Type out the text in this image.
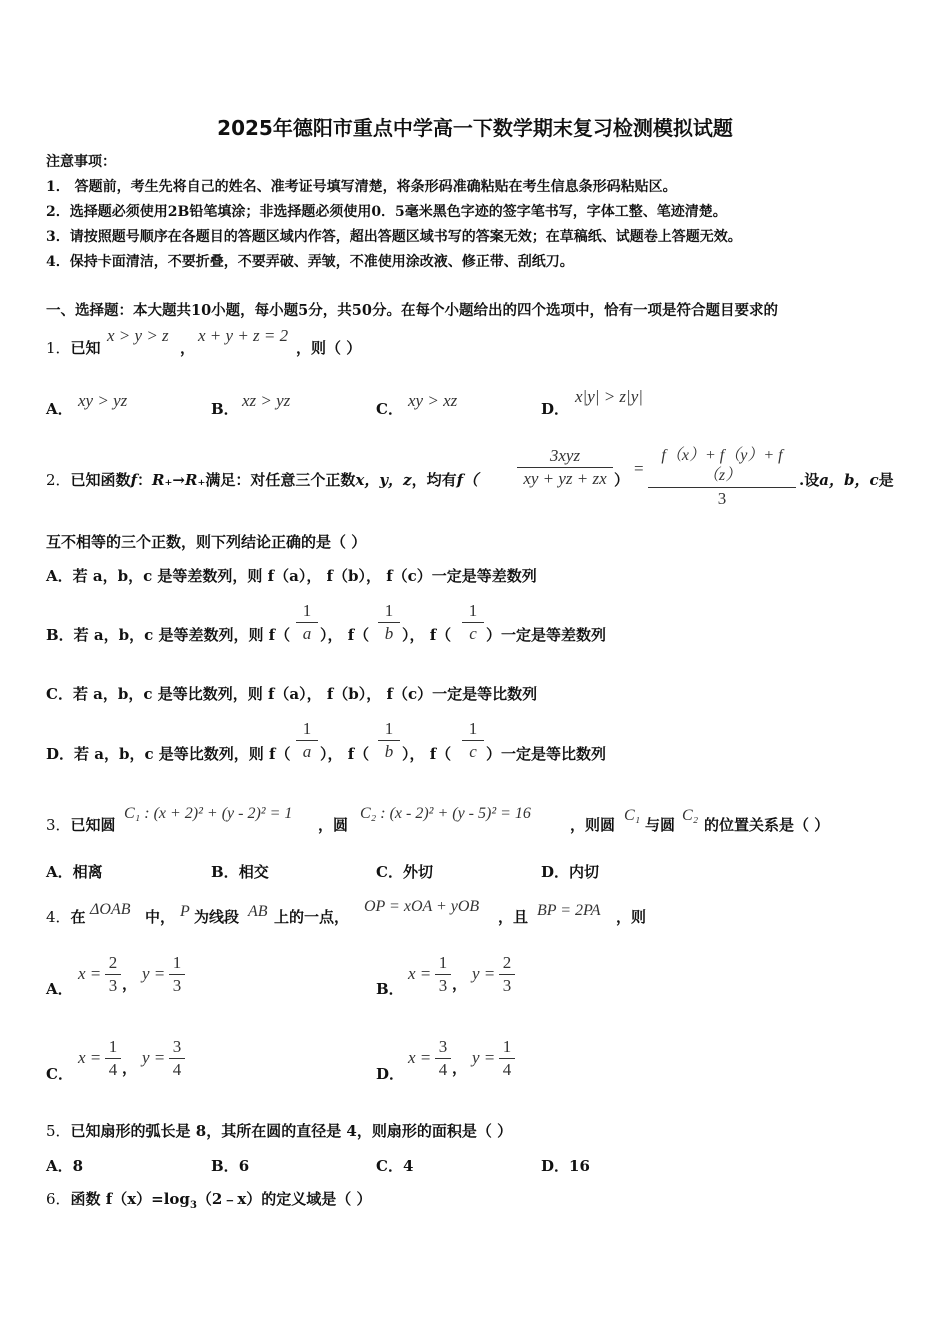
2025年德阳市重点中学高一下数学期末复习检测模拟试题
注意事项：
1． 答题前，考生先将自己的姓名、准考证号填写清楚，将条形码准确粘贴在考生信息条形码粘贴区。
2．选择题必须使用2B铅笔填涂；非选择题必须使用0．5毫米黑色字迹的签字笔书写，字体工整、笔迹清楚。
3．请按照题号顺序在各题目的答题区域内作答，超出答题区域书写的答案无效；在草稿纸、试题卷上答题无效。
4．保持卡面清洁，不要折叠，不要弄破、弄皱，不准使用涂改液、修正带、刮纸刀。
一、选择题：本大题共10小题，每小题5分，共50分。在每个小题给出的四个选项中，恰有一项是符合题目要求的
1．已知
x > y > z
，
x + y + z = 2
，则（ ）
A． xy > yz	B． xz > yz	C． xy > xz	D．
x|y| > z|y|
2．已知函数f：R₊→R₊满足：对任意三个正数x，y，z，均有f（
3xyz
xy + yz + zx ）
=
f（x）+ f（y）+ f（z）
3
.设a，b，c是
互不相等的三个正数，则下列结论正确的是（ ）
A．若 a，b，c 是等差数列，则 f（a）， f（b）， f（c）一定是等差数列
B．若 a，b，c 是等差数列，则 f（
1
a ）， f（
1
b ）， f（
1
c ）一定是等差数列
C．若 a，b，c 是等比数列，则 f（a）， f（b）， f（c）一定是等比数列
D．若 a，b，c 是等比数列，则 f（
1
a ）， f（
1
b ）， f（
1
c ）一定是等比数列
3．已知圆
C₁ : (x + 2)² + (y - 2)² = 1
，圆
C₂ : (x - 2)² + (y - 5)² = 16
，则圆
C₁
与圆
C₂
的位置关系是（ ）
A．相离	B．相交	C．外切	D．内切
4．在 ΔOAB 中， P 为线段 AB 上的一点，
OP = xOA + yOB
，且 BP = 2PA ，则
A．
x =
2
3 ，
y =
1
3	B．
x =
1
3 ，
y =
2
3
C．
x =
1
4 ，
y =
3
4	D．
x =
3
4 ，
y =
1
4
5．已知扇形的弧长是 8，其所在圆的直径是 4，则扇形的面积是（ ）
A．8	B．6	C．4	D．16
6．函数 $f(x)=\log_3(2﹣x)$的定义域是（ ）
